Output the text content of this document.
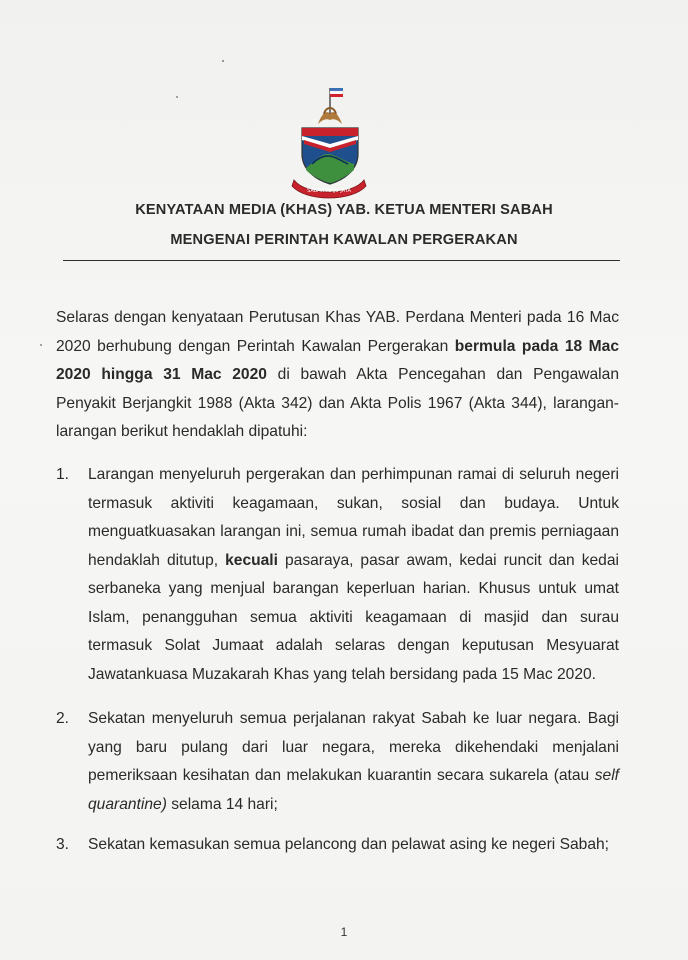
SABAH MAJU JAYA
KENYATAAN MEDIA (KHAS) YAB. KETUA MENTERI SABAH
MENGENAI PERINTAH KAWALAN PERGERAKAN
Selaras dengan kenyataan Perutusan Khas YAB. Perdana Menteri pada 16 Mac 2020 berhubung dengan Perintah Kawalan Pergerakan bermula pada 18 Mac 2020 hingga 31 Mac 2020 di bawah Akta Pencegahan dan Pengawalan Penyakit Berjangkit 1988 (Akta 342) dan Akta Polis 1967 (Akta 344), larangan-larangan berikut hendaklah dipatuhi:
1.	Larangan menyeluruh pergerakan dan perhimpunan ramai di seluruh negeri termasuk aktiviti keagamaan, sukan, sosial dan budaya. Untuk menguatkuasakan larangan ini, semua rumah ibadat dan premis perniagaan hendaklah ditutup, kecuali pasaraya, pasar awam, kedai runcit dan kedai serbaneka yang menjual barangan keperluan harian. Khusus untuk umat Islam, penangguhan semua aktiviti keagamaan di masjid dan surau termasuk Solat Jumaat adalah selaras dengan keputusan Mesyuarat Jawatankuasa Muzakarah Khas yang telah bersidang pada 15 Mac 2020.
2.	Sekatan menyeluruh semua perjalanan rakyat Sabah ke luar negara. Bagi yang baru pulang dari luar negara, mereka dikehendaki menjalani pemeriksaan kesihatan dan melakukan kuarantin secara sukarela (atau self quarantine) selama 14 hari;
3.	Sekatan kemasukan semua pelancong dan pelawat asing ke negeri Sabah;
1
